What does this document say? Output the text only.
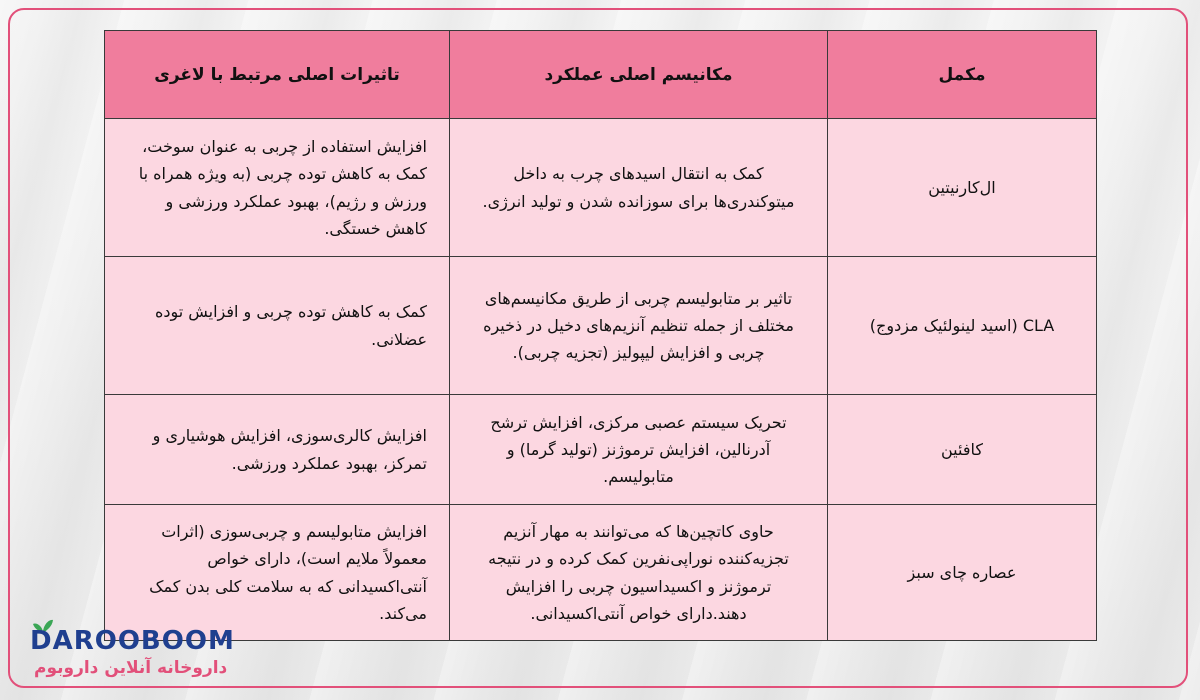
مکمل	مکانیسم اصلی عملکرد	تاثیرات اصلی مرتبط با لاغری
ال‌کارنیتین	کمک به انتقال اسیدهای چرب به داخل میتوکندری‌ها برای سوزانده شدن و تولید انرژی.	افزایش استفاده از چربی به عنوان سوخت، کمک به کاهش توده چربی (به ویژه همراه با ورزش و رژیم)، بهبود عملکرد ورزشی و کاهش خستگی.
CLA (اسید لینولئیک مزدوج)	تاثیر بر متابولیسم چربی از طریق مکانیسم‌های مختلف از جمله تنظیم آنزیم‌های دخیل در ذخیره چربی و افزایش لیپولیز (تجزیه چربی).	کمک به کاهش توده چربی و افزایش توده عضلانی.
کافئین	تحریک سیستم عصبی مرکزی، افزایش ترشح آدرنالین، افزایش ترموژنز (تولید گرما) و متابولیسم.	افزایش کالری‌سوزی، افزایش هوشیاری و تمرکز، بهبود عملکرد ورزشی.
عصاره چای سبز	حاوی کاتچین‌ها که می‌توانند به مهار آنزیم تجزیه‌کننده نوراپی‌نفرین کمک کرده و در نتیجه ترموژنز و اکسیداسیون چربی را افزایش دهند.دارای خواص آنتی‌اکسیدانی.	افزایش متابولیسم و چربی‌سوزی (اثرات معمولاً ملایم است)، دارای خواص آنتی‌اکسیدانی که به سلامت کلی بدن کمک می‌کند.
DAROOBOOM
داروخانه آنلاین داروبوم
